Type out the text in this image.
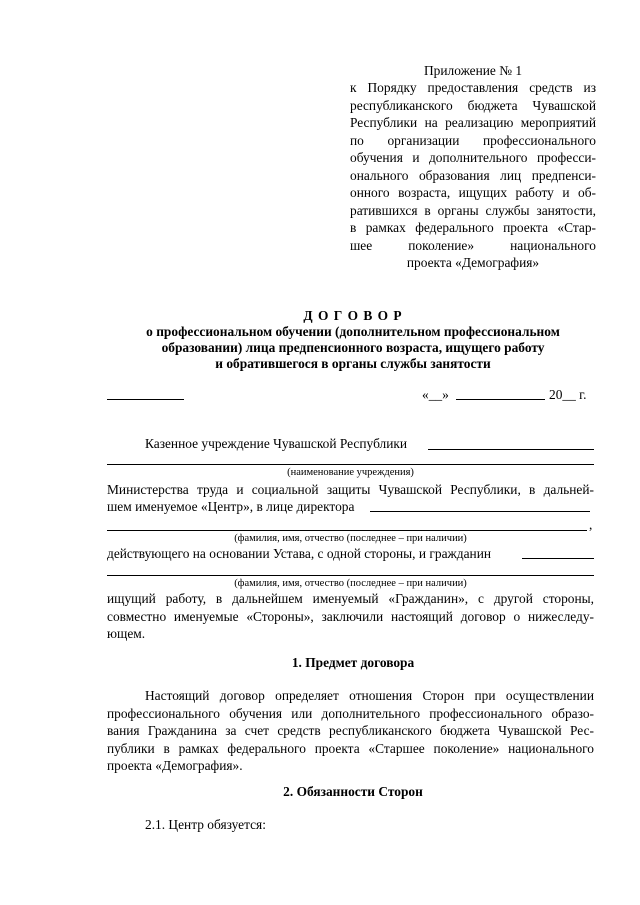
Приложение № 1
к Порядку предоставления средств из
республиканского бюджета Чувашской
Республики на реализацию мероприятий
по организации профессионального
обучения и дополнительного професси-
онального образования лиц предпенси-
онного возраста, ищущих работу и об-
ратившихся в органы службы занятости,
в рамках федерального проекта «Стар-
шее поколение» национального
проекта «Демография»
Д О Г О В О Р
о профессиональном обучении (дополнительном профессиональном
образовании) лица предпенсионного возраста, ищущего работу
и обратившегося в органы службы занятости
«__»	20__ г.
Казенное учреждение Чувашской Республики
(наименование учреждения)
Министерства труда и социальной защиты Чувашской Республики, в дальней-
шем именуемое «Центр», в лице директора
,
(фамилия, имя, отчество (последнее – при наличии)
действующего на основании Устава, с одной стороны, и гражданин
(фамилия, имя, отчество (последнее – при наличии)
ищущий работу, в дальнейшем именуемый «Гражданин», с другой стороны,
совместно именуемые «Стороны», заключили настоящий договор о нижеследу-
ющем.
1. Предмет договора
Настоящий договор определяет отношения Сторон при осуществлении
профессионального обучения или дополнительного профессионального образо-
вания Гражданина за счет средств республиканского бюджета Чувашской Рес-
публики в рамках федерального проекта «Старшее поколение» национального
проекта «Демография».
2. Обязанности Сторон
2.1. Центр обязуется:
